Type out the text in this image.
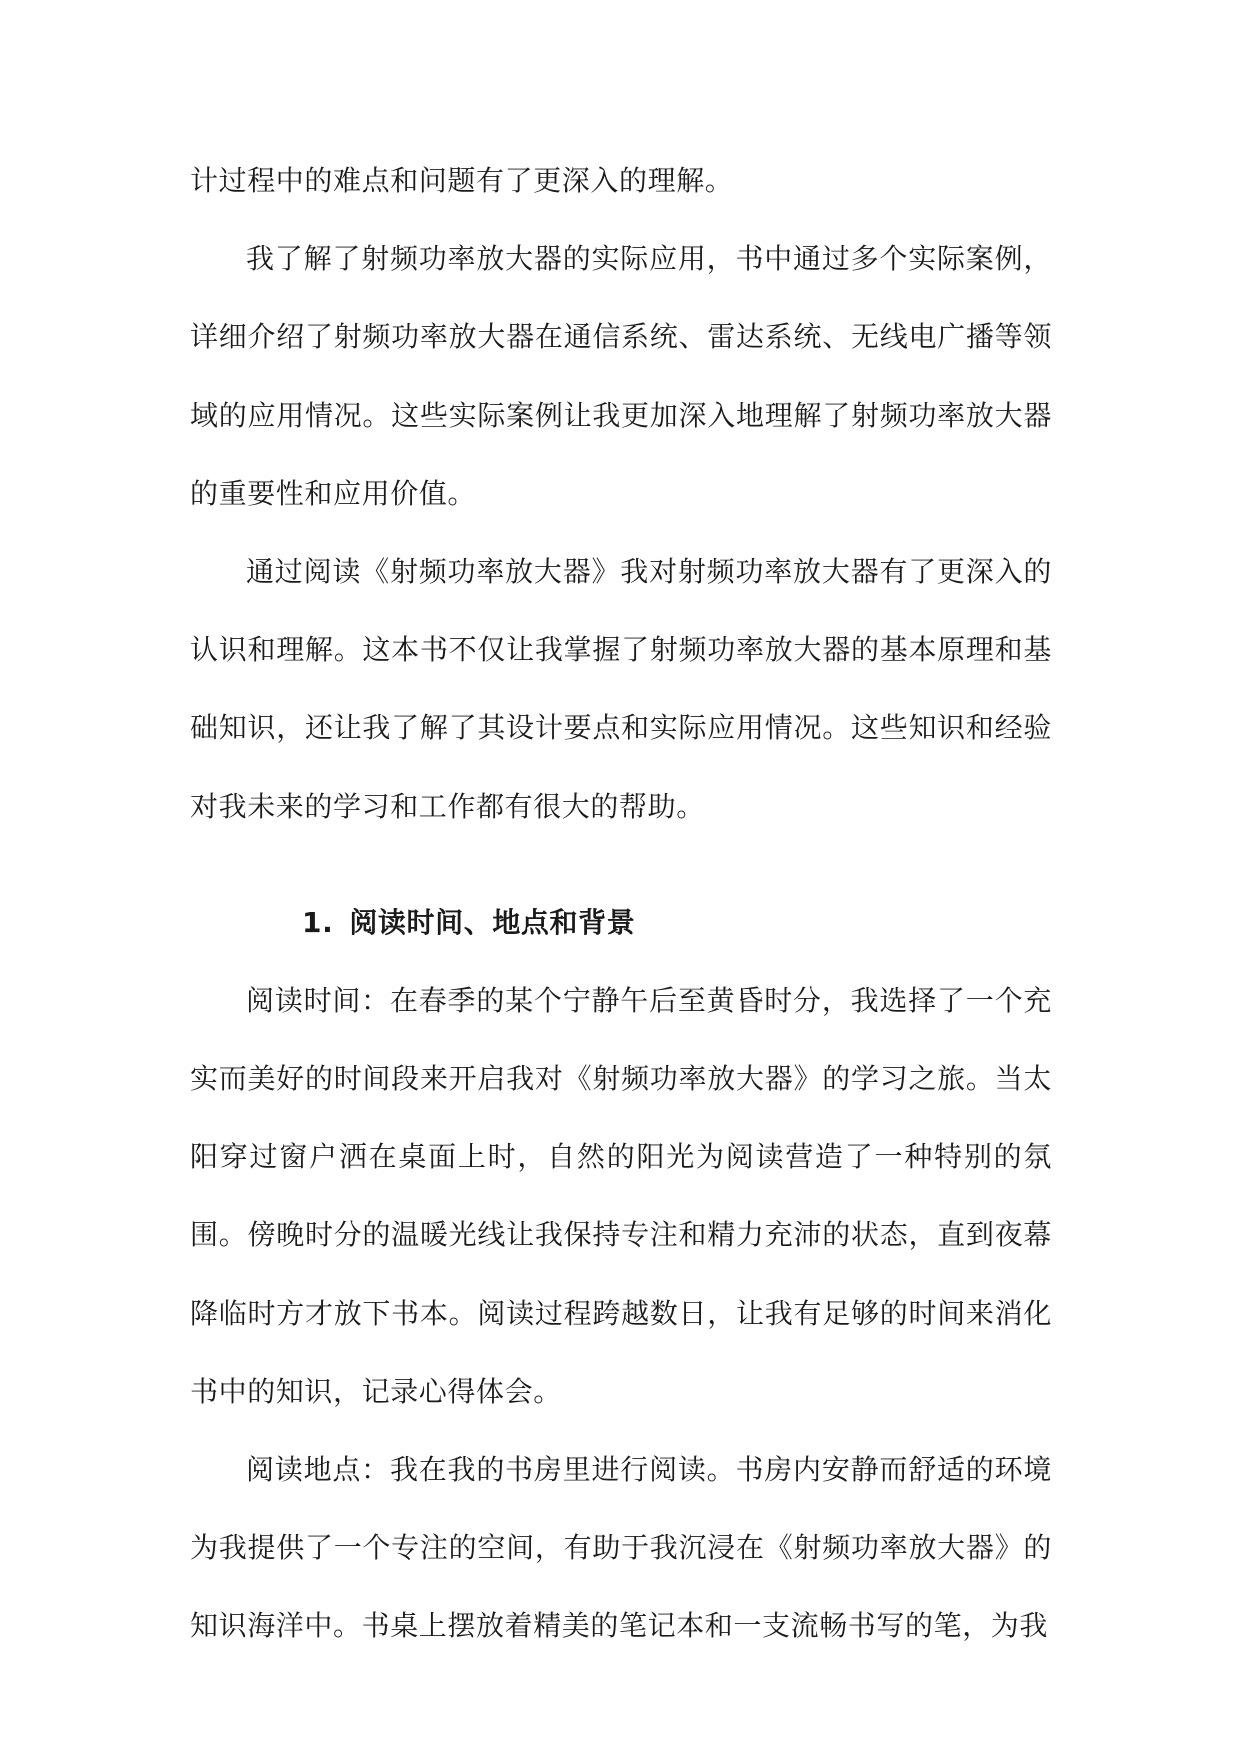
计过程中的难点和问题有了更深入的理解。

我了解了射频功率放大器的实际应用，书中通过多个实际案例，详细介绍了射频功率放大器在通信系统、雷达系统、无线电广播等领域的应用情况。这些实际案例让我更加深入地理解了射频功率放大器的重要性和应用价值。

通过阅读《射频功率放大器》我对射频功率放大器有了更深入的认识和理解。这本书不仅让我掌握了射频功率放大器的基本原理和基础知识，还让我了解了其设计要点和实际应用情况。这些知识和经验对我未来的学习和工作都有很大的帮助。

1. 阅读时间、地点和背景

阅读时间：在春季的某个宁静午后至黄昏时分，我选择了一个充实而美好的时间段来开启我对《射频功率放大器》的学习之旅。当太阳穿过窗户洒在桌面上时，自然的阳光为阅读营造了一种特别的氛围。傍晚时分的温暖光线让我保持专注和精力充沛的状态，直到夜幕降临时方才放下书本。阅读过程跨越数日，让我有足够的时间来消化书中的知识，记录心得体会。

阅读地点：我在我的书房里进行阅读。书房内安静而舒适的环境为我提供了一个专注的空间，有助于我沉浸在《射频功率放大器》的知识海洋中。书桌上摆放着精美的笔记本和一支流畅书写的笔，为我
